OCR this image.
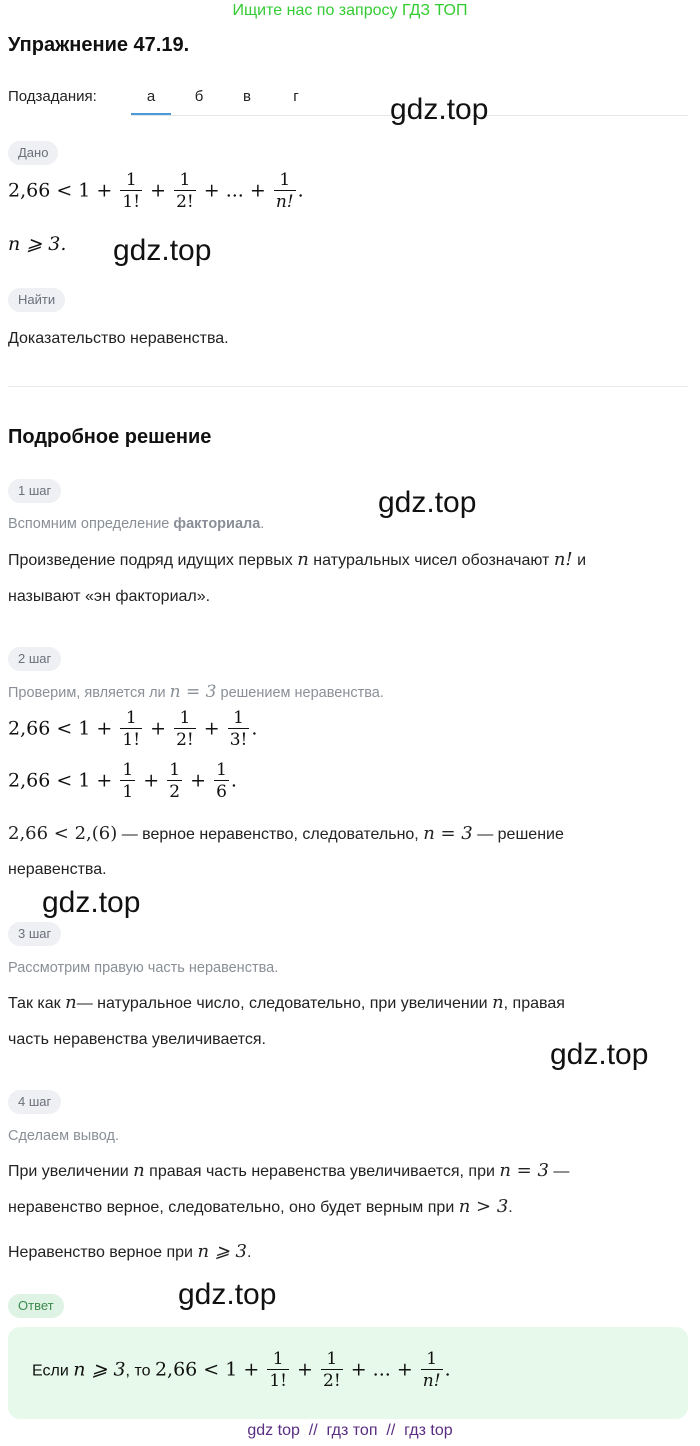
Ищите нас по запросу ГДЗ ТОП
Упражнение 47.19.
Подзадания:	а	б	в	г	gdz.top
gdz.top
gdz.top
gdz.top
gdz.top
gdz.top
Дано
$2,66 < 1 + \frac{1}{1!} + \frac{1}{2!}$ + ... + $\frac{1}{n!}$ .
n ⩾ 3.
Найти
Доказательство неравенства.
Подробное решение
1 шаг
Вспомним определение факториала.
Произведение подряд идущих первых n натуральных чисел обозначают n! и
называют «эн факториал».
2 шаг
Проверим, является ли n = 3 решением неравенства.
$2,66 < 1 + \frac{1}{1!} + \frac{1}{2!} + \frac{1}{3!}$ .
$2,66 < 1 + \frac{1}{1} + \frac{1}{2} + \frac{1}{6}$ .
2,66 < 2,(6) — верное неравенство, следовательно, n = 3 — решение
неравенства.
3 шаг
Рассмотрим правую часть неравенства.
Так как n— натуральное число, следовательно, при увеличении n, правая
часть неравенства увеличивается.
4 шаг
Сделаем вывод.
При увеличении n правая часть неравенства увеличивается, при n = 3 —
неравенство верное, следовательно, оно будет верным при n > 3.
Неравенство верное при n ⩾ 3.
Ответ
Если n ⩾ 3, то $2,66 < 1 + \frac{1}{1!} + \frac{1}{2!}$ + ... + $\frac{1}{n!}$ .
gdz top  //  гдз топ  //  гдз top
